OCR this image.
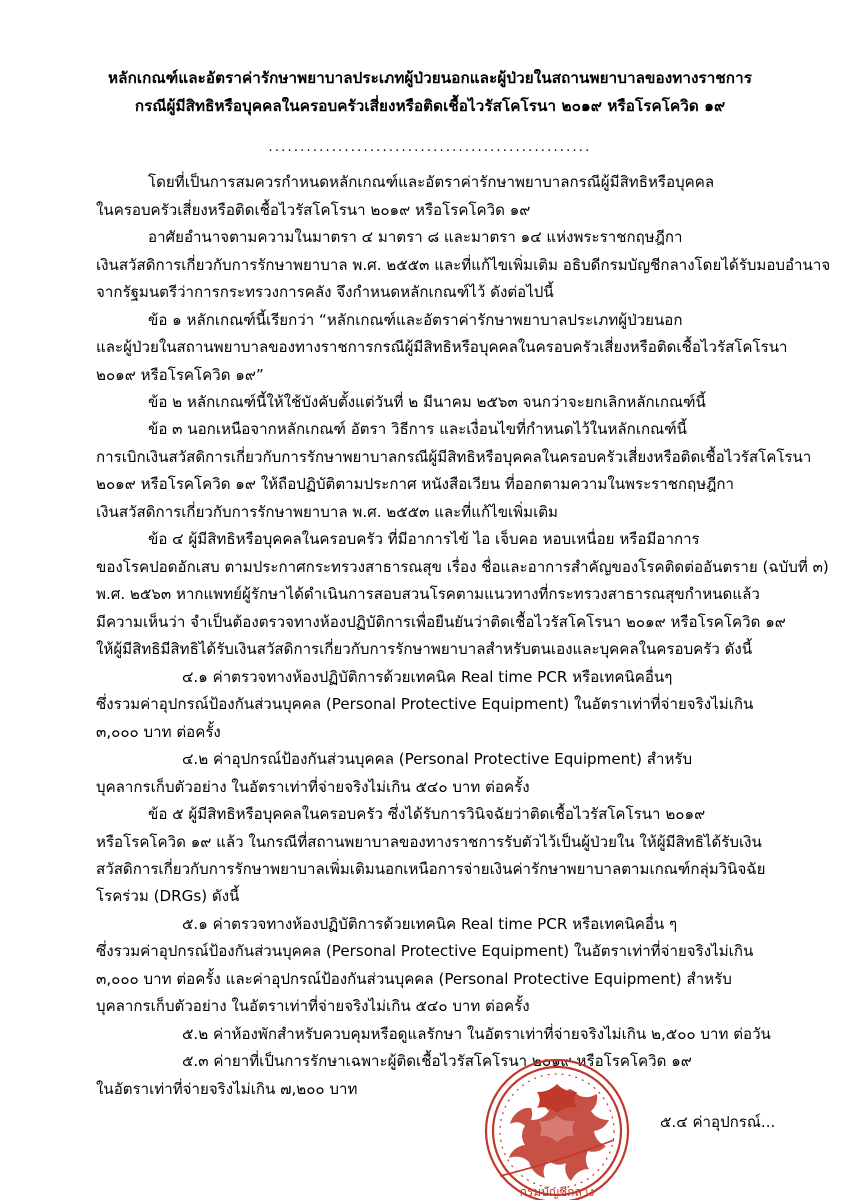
หลักเกณฑ์และอัตราค่ารักษาพยาบาลประเภทผู้ป่วยนอกและผู้ป่วยในสถานพยาบาลของทางราชการ
กรณีผู้มีสิทธิหรือบุคคลในครอบครัวเสี่ยงหรือติดเชื้อไวรัสโคโรนา ๒๐๑๙ หรือโรคโควิด ๑๙
...................................................
โดยที่เป็นการสมควรกำหนดหลักเกณฑ์และอัตราค่ารักษาพยาบาลกรณีผู้มีสิทธิหรือบุคคล
ในครอบครัวเสี่ยงหรือติดเชื้อไวรัสโคโรนา ๒๐๑๙ หรือโรคโควิด ๑๙
อาศัยอำนาจตามความในมาตรา ๔ มาตรา ๘ และมาตรา ๑๔ แห่งพระราชกฤษฎีกา
เงินสวัสดิการเกี่ยวกับการรักษาพยาบาล พ.ศ. ๒๕๕๓ และที่แก้ไขเพิ่มเติม อธิบดีกรมบัญชีกลางโดยได้รับมอบอำนาจ
จากรัฐมนตรีว่าการกระทรวงการคลัง จึงกำหนดหลักเกณฑ์ไว้ ดังต่อไปนี้
ข้อ ๑ หลักเกณฑ์นี้เรียกว่า “หลักเกณฑ์และอัตราค่ารักษาพยาบาลประเภทผู้ป่วยนอก
และผู้ป่วยในสถานพยาบาลของทางราชการกรณีผู้มีสิทธิหรือบุคคลในครอบครัวเสี่ยงหรือติดเชื้อไวรัสโคโรนา
๒๐๑๙ หรือโรคโควิด ๑๙”
ข้อ ๒ หลักเกณฑ์นี้ให้ใช้บังคับตั้งแต่วันที่ ๒ มีนาคม ๒๕๖๓ จนกว่าจะยกเลิกหลักเกณฑ์นี้
ข้อ ๓ นอกเหนือจากหลักเกณฑ์ อัตรา วิธีการ และเงื่อนไขที่กำหนดไว้ในหลักเกณฑ์นี้
การเบิกเงินสวัสดิการเกี่ยวกับการรักษาพยาบาลกรณีผู้มีสิทธิหรือบุคคลในครอบครัวเสี่ยงหรือติดเชื้อไวรัสโคโรนา
๒๐๑๙ หรือโรคโควิด ๑๙ ให้ถือปฏิบัติตามประกาศ หนังสือเวียน ที่ออกตามความในพระราชกฤษฎีกา
เงินสวัสดิการเกี่ยวกับการรักษาพยาบาล พ.ศ. ๒๕๕๓ และที่แก้ไขเพิ่มเติม
ข้อ ๔ ผู้มีสิทธิหรือบุคคลในครอบครัว ที่มีอาการไข้ ไอ เจ็บคอ หอบเหนื่อย หรือมีอาการ
ของโรคปอดอักเสบ ตามประกาศกระทรวงสาธารณสุข เรื่อง ชื่อและอาการสำคัญของโรคติดต่ออันตราย (ฉบับที่ ๓)
พ.ศ. ๒๕๖๓ หากแพทย์ผู้รักษาได้ดำเนินการสอบสวนโรคตามแนวทางที่กระทรวงสาธารณสุขกำหนดแล้ว
มีความเห็นว่า จำเป็นต้องตรวจทางห้องปฏิบัติการเพื่อยืนยันว่าติดเชื้อไวรัสโคโรนา ๒๐๑๙ หรือโรคโควิด ๑๙
ให้ผู้มีสิทธิมีสิทธิได้รับเงินสวัสดิการเกี่ยวกับการรักษาพยาบาลสำหรับตนเองและบุคคลในครอบครัว ดังนี้
๔.๑ ค่าตรวจทางห้องปฏิบัติการด้วยเทคนิค Real time PCR หรือเทคนิคอื่นๆ
ซึ่งรวมค่าอุปกรณ์ป้องกันส่วนบุคคล (Personal Protective Equipment) ในอัตราเท่าที่จ่ายจริงไม่เกิน
๓,๐๐๐ บาท ต่อครั้ง
๔.๒ ค่าอุปกรณ์ป้องกันส่วนบุคคล (Personal Protective Equipment) สำหรับ
บุคลากรเก็บตัวอย่าง ในอัตราเท่าที่จ่ายจริงไม่เกิน ๕๔๐ บาท ต่อครั้ง
ข้อ ๕ ผู้มีสิทธิหรือบุคคลในครอบครัว ซึ่งได้รับการวินิจฉัยว่าติดเชื้อไวรัสโคโรนา ๒๐๑๙
หรือโรคโควิด ๑๙ แล้ว ในกรณีที่สถานพยาบาลของทางราชการรับตัวไว้เป็นผู้ป่วยใน ให้ผู้มีสิทธิได้รับเงิน
สวัสดิการเกี่ยวกับการรักษาพยาบาลเพิ่มเติมนอกเหนือการจ่ายเงินค่ารักษาพยาบาลตามเกณฑ์กลุ่มวินิจฉัย
โรคร่วม (DRGs) ดังนี้
๕.๑ ค่าตรวจทางห้องปฏิบัติการด้วยเทคนิค Real time PCR หรือเทคนิคอื่น ๆ
ซึ่งรวมค่าอุปกรณ์ป้องกันส่วนบุคคล (Personal Protective Equipment) ในอัตราเท่าที่จ่ายจริงไม่เกิน
๓,๐๐๐ บาท ต่อครั้ง และค่าอุปกรณ์ป้องกันส่วนบุคคล (Personal Protective Equipment) สำหรับ
บุคลากรเก็บตัวอย่าง ในอัตราเท่าที่จ่ายจริงไม่เกิน ๕๔๐ บาท ต่อครั้ง
๕.๒ ค่าห้องพักสำหรับควบคุมหรือดูแลรักษา ในอัตราเท่าที่จ่ายจริงไม่เกิน ๒,๕๐๐ บาท ต่อวัน
๕.๓ ค่ายาที่เป็นการรักษาเฉพาะผู้ติดเชื้อไวรัสโคโรนา ๒๐๑๙ หรือโรคโควิด ๑๙
ในอัตราเท่าที่จ่ายจริงไม่เกิน ๗,๒๐๐ บาท
กรมบัญชีกลาง
๕.๔ ค่าอุปกรณ์...
